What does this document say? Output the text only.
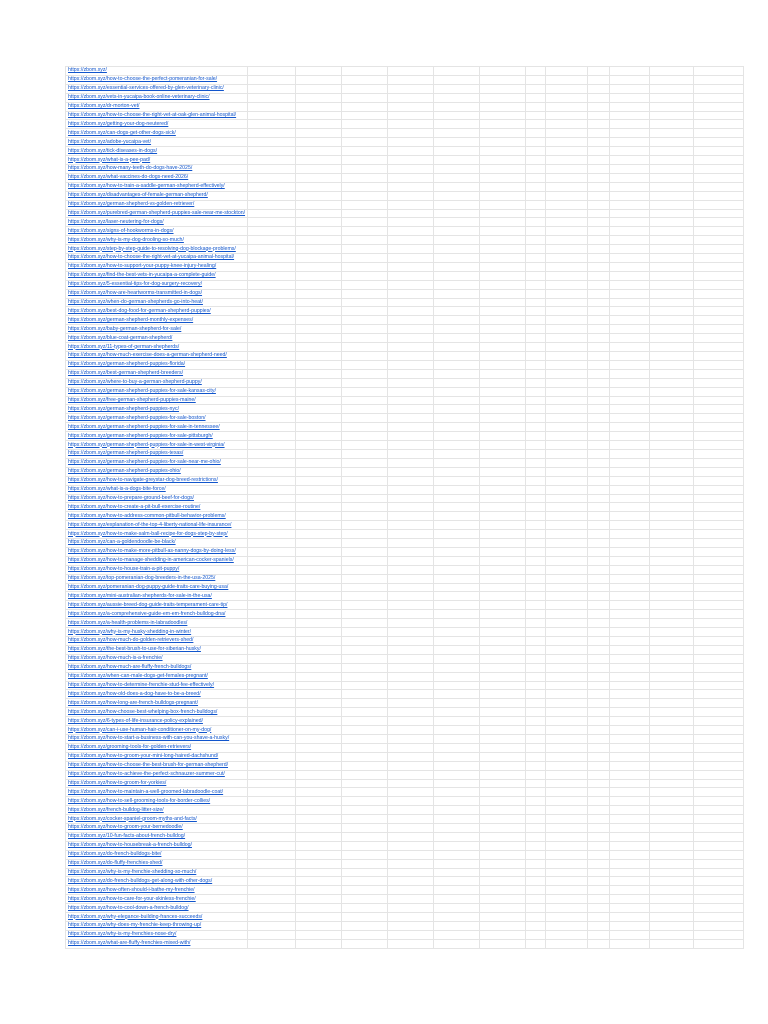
https://zbom.xyz/												
https://zbom.xyz/how-to-choose-the-perfect-pomeranian-for-sale/												
https://zbom.xyz/essential-services-offered-by-glen-veterinary-clinic/												
https://zbom.xyz/vets-in-yucaipa-book-online-veterinary-clinic/												
https://zbom.xyz/dr-morton-vet/												
https://zbom.xyz/how-to-choose-the-right-vet-at-oak-glen-animal-hospital/												
https://zbom.xyz/getting-your-dog-neutered/												
https://zbom.xyz/can-dogs-get-other-dogs-sick/												
https://zbom.xyz/adobe-yucaipa-vet/												
https://zbom.xyz/tick-diseases-in-dogs/												
https://zbom.xyz/what-is-a-pee-pad/												
https://zbom.xyz/how-many-teeth-do-dogs-have-2025/												
https://zbom.xyz/what-vaccines-do-dogs-need-2026/												
https://zbom.xyz/how-to-train-a-saddle-german-shepherd-effectively/												
https://zbom.xyz/disadvantages-of-female-german-shepherd/												
https://zbom.xyz/german-shepherd-vs-golden-retriever/												
https://zbom.xyz/purebred-german-shepherd-puppies-sale-near-me-stockton/												
https://zbom.xyz/laser-neutering-for-dogs/												
https://zbom.xyz/signs-of-hookworms-in-dogs/												
https://zbom.xyz/why-is-my-dog-drooling-so-much/												
https://zbom.xyz/step-by-step-guide-to-resolving-dog-blockage-problems/												
https://zbom.xyz/how-to-choose-the-right-vet-at-yucaipa-animal-hospital/												
https://zbom.xyz/how-to-support-your-puppy-knee-injury-healing/												
https://zbom.xyz/find-the-best-vets-in-yucaipa-a-complete-guide/												
https://zbom.xyz/5-essential-tips-for-dog-surgery-recovery/												
https://zbom.xyz/how-are-heartworms-transmitted-in-dogs/												
https://zbom.xyz/when-do-german-shepherds-go-into-heat/												
https://zbom.xyz/best-dog-food-for-german-shepherd-puppies/												
https://zbom.xyz/german-shepherd-monthly-expenses/												
https://zbom.xyz/baby-german-shepherd-for-sale/												
https://zbom.xyz/blue-coat-german-shepherd/												
https://zbom.xyz/11-types-of-german-shepherds/												
https://zbom.xyz/how-much-exercise-does-a-german-shepherd-need/												
https://zbom.xyz/german-shepherd-puppies-florida/												
https://zbom.xyz/best-german-shepherd-breeders/												
https://zbom.xyz/where-to-buy-a-german-shepherd-puppy/												
https://zbom.xyz/german-shepherd-puppies-for-sale-kansas-city/												
https://zbom.xyz/free-german-shepherd-puppies-maine/												
https://zbom.xyz/german-shepherd-puppies-nyc/												
https://zbom.xyz/german-shepherd-puppies-for-sale-boston/												
https://zbom.xyz/german-shepherd-puppies-for-sale-in-tennessee/												
https://zbom.xyz/german-shepherd-puppies-for-sale-pittsburgh/												
https://zbom.xyz/german-shepherd-puppies-for-sale-in-west-virginia/												
https://zbom.xyz/german-shepherd-puppies-texas/												
https://zbom.xyz/german-shepherd-puppies-for-sale-near-me-ohio/												
https://zbom.xyz/german-shepherd-puppies-ohio/												
https://zbom.xyz/how-to-navigate-greystar-dog-breed-restrictions/												
https://zbom.xyz/what-is-a-dogs-bite-force/												
https://zbom.xyz/how-to-prepare-ground-beef-for-dogs/												
https://zbom.xyz/how-to-create-a-pit-bull-exercise-routine/												
https://zbom.xyz/how-to-address-common-pitbull-behavior-problems/												
https://zbom.xyz/explanation-of-the-top-4-liberty-national-life-insurance/												
https://zbom.xyz/how-to-make-salm-ball-recipe-for-dogs-step-by-step/												
https://zbom.xyz/can-a-goldendoodle-be-black/												
https://zbom.xyz/how-to-make-more-pitbull-as-nanny-dogs-by-doing-less/												
https://zbom.xyz/how-to-manage-shedding-in-american-cocker-spaniels/												
https://zbom.xyz/how-to-house-train-a-pit-puppy/												
https://zbom.xyz/top-pomeranian-dog-breeders-in-the-usa-2025/												
https://zbom.xyz/pomeranian-dog-puppy-guide-traits-care-buying-usa/												
https://zbom.xyz/mini-australian-shepherds-for-sale-in-the-usa/												
https://zbom.xyz/aussie-breed-dog-guide-traits-temperament-care-tip/												
https://zbom.xyz/a-comprehensive-guide-em-em-french-bulldog-dna/												
https://zbom.xyz/a-health-problems-in-labradoodles/												
https://zbom.xyz/why-is-my-husky-shedding-in-winter/												
https://zbom.xyz/how-much-do-golden-retrievers-shed/												
https://zbom.xyz/the-best-brush-to-use-for-siberian-husky/												
https://zbom.xyz/how-much-is-a-frenchie/												
https://zbom.xyz/how-much-are-fluffy-french-bulldogs/												
https://zbom.xyz/when-can-male-dogs-get-females-pregnant/												
https://zbom.xyz/how-to-determine-frenchie-stud-fee-effectively/												
https://zbom.xyz/how-old-does-a-dog-have-to-be-a-breed/												
https://zbom.xyz/how-long-are-french-bulldogs-pregnant/												
https://zbom.xyz/how-choose-best-whelping-box-french-bulldogs/												
https://zbom.xyz/6-types-of-life-insurance-policy-explained/												
https://zbom.xyz/can-i-use-human-hair-conditioner-on-my-dog/												
https://zbom.xyz/how-to-start-a-business-with-can-you-shave-a-husky/												
https://zbom.xyz/grooming-tools-for-golden-retrievers/												
https://zbom.xyz/how-to-groom-your-mini-long-haired-dachshund/												
https://zbom.xyz/how-to-choose-the-best-brush-for-german-shepherd/												
https://zbom.xyz/how-to-achieve-the-perfect-schnauzer-summer-cut/												
https://zbom.xyz/how-to-groom-for-yorkies/												
https://zbom.xyz/how-to-maintain-a-well-groomed-labradoodle-coat/												
https://zbom.xyz/how-to-sell-grooming-tools-for-border-collies/												
https://zbom.xyz/french-bulldog-litter-size/												
https://zbom.xyz/cocker-spaniel-groom-myths-and-facts/												
https://zbom.xyz/how-to-groom-your-bernedoodle/												
https://zbom.xyz/10-fun-facts-about-french-bulldog/												
https://zbom.xyz/how-to-housebreak-a-french-bulldog/												
https://zbom.xyz/do-french-bulldogs-bite/												
https://zbom.xyz/do-fluffy-frenchies-shed/												
https://zbom.xyz/why-is-my-frenchie-shedding-so-much/												
https://zbom.xyz/do-french-bulldogs-get-along-with-other-dogs/												
https://zbom.xyz/how-often-should-i-bathe-my-frenchie/												
https://zbom.xyz/how-to-care-for-your-skinless-frenchie/												
https://zbom.xyz/how-to-cool-down-a-french-bulldog/												
https://zbom.xyz/why-elegance-building-frances-succeeds/												
https://zbom.xyz/why-does-my-frenchie-keep-throwing-up/												
https://zbom.xyz/why-is-my-frenchies-nose-dry/												
https://zbom.xyz/what-are-fluffy-frenchies-mixed-with/												
